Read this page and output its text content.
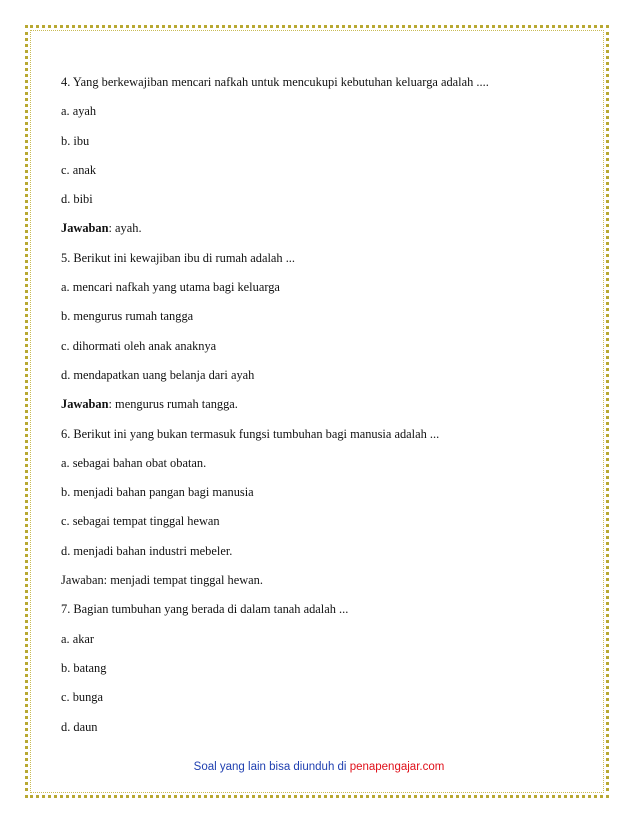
4. Yang berkewajiban mencari nafkah untuk mencukupi kebutuhan keluarga adalah ....
a. ayah
b. ibu
c. anak
d. bibi
Jawaban: ayah.
5. Berikut ini kewajiban ibu di rumah adalah ...
a. mencari nafkah yang utama bagi keluarga
b. mengurus rumah tangga
c. dihormati oleh anak anaknya
d. mendapatkan uang belanja dari ayah
Jawaban: mengurus rumah tangga.
6. Berikut ini yang bukan termasuk fungsi tumbuhan bagi manusia adalah ...
a. sebagai bahan obat obatan.
b. menjadi bahan pangan bagi manusia
c. sebagai tempat tinggal hewan
d. menjadi bahan industri mebeler.
Jawaban: menjadi tempat tinggal hewan.
7. Bagian tumbuhan yang berada di dalam tanah adalah ...
a. akar
b. batang
c. bunga
d. daun
Soal yang lain bisa diunduh di penapengajar.com
